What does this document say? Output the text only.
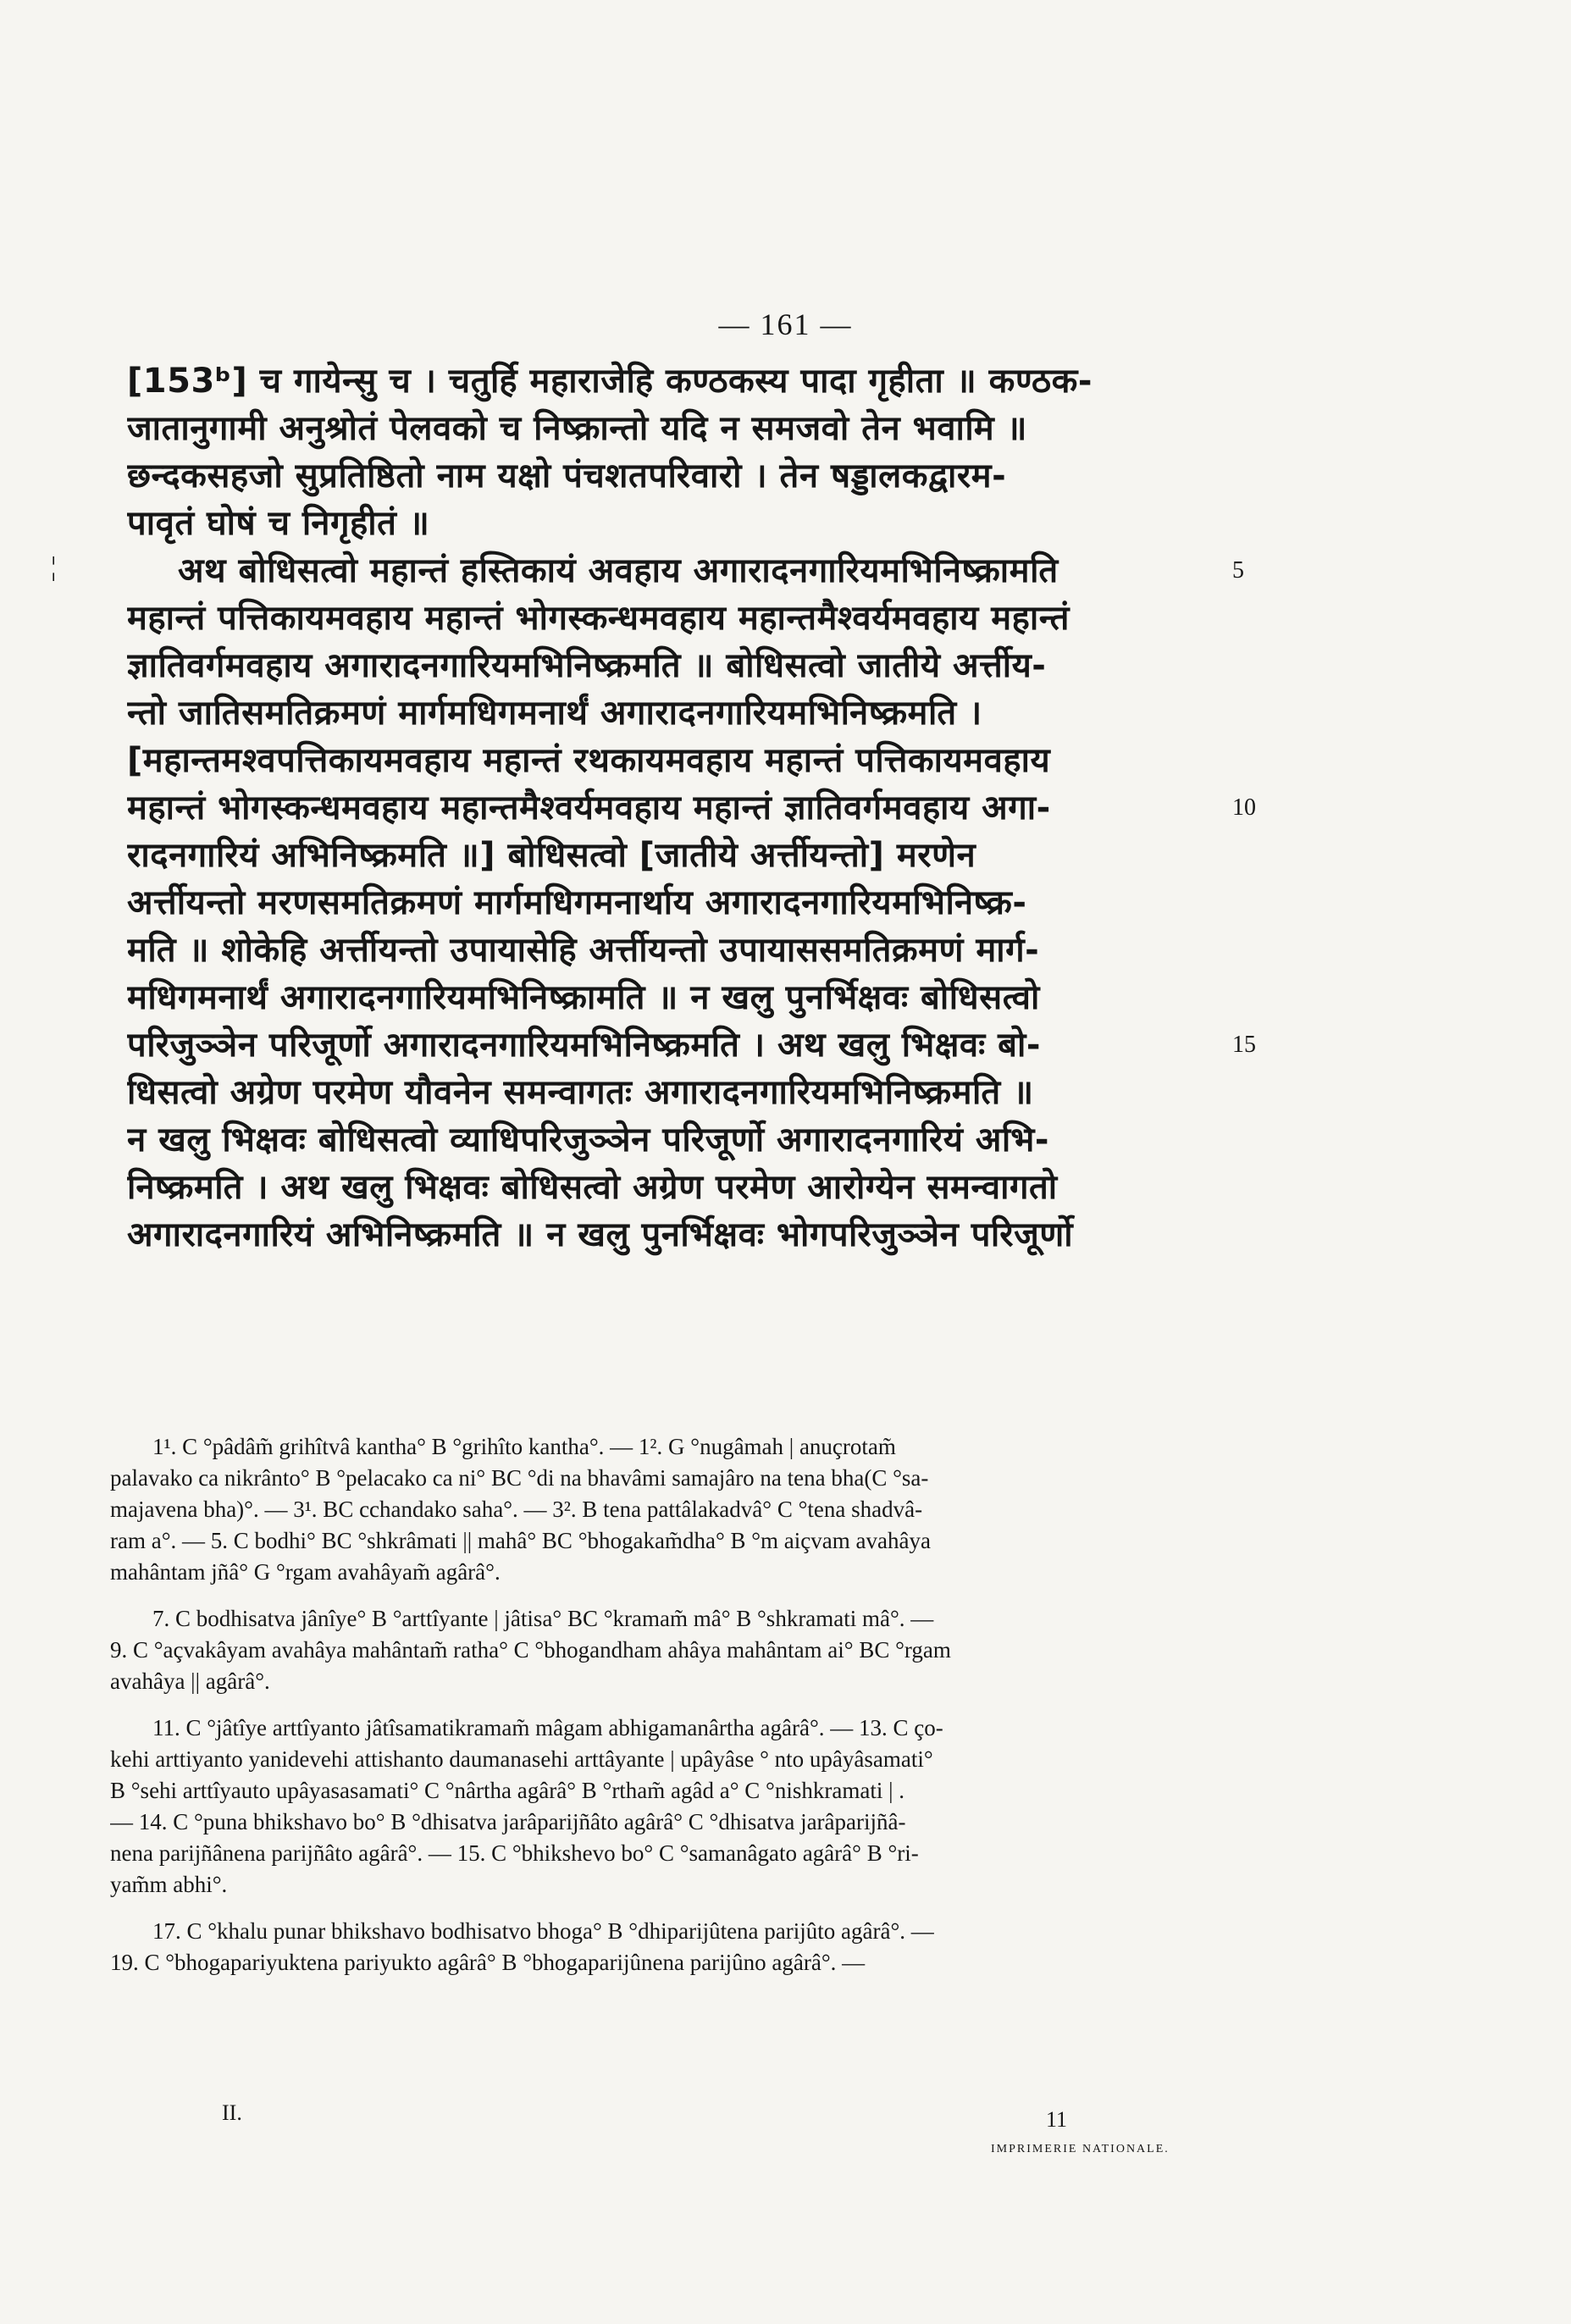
— 161 —
¦
[153ᵇ] च गायेन्सु च । चतुर्हि महाराजेहि कण्ठकस्य पादा गृहीता ॥ कण्ठक-
जातानुगामी अनुश्रोतं पेलवको च निष्क्रान्तो यदि न समजवो तेन भवामि ॥
छन्दकसहजो सुप्रतिष्ठितो नाम यक्षो पंचशतपरिवारो । तेन षड्डालकद्वारम-
पावृतं घोषं च निगृहीतं ॥
अथ बोधिसत्वो महान्तं हस्तिकायं अवहाय अगारादनगारियमभिनिष्क्रामति
महान्तं पत्तिकायमवहाय महान्तं भोगस्कन्धमवहाय महान्तमैश्वर्यमवहाय महान्तं
ज्ञातिवर्गमवहाय अगारादनगारियमभिनिष्क्रमति ॥ बोधिसत्वो जातीये अर्त्तीय-
न्तो जातिसमतिक्रमणं मार्गमधिगमनार्थं अगारादनगारियमभिनिष्क्रमति ।
[महान्तमश्वपत्तिकायमवहाय महान्तं रथकायमवहाय महान्तं पत्तिकायमवहाय
महान्तं भोगस्कन्धमवहाय महान्तमैश्वर्यमवहाय महान्तं ज्ञातिवर्गमवहाय अगा-
रादनगारियं अभिनिष्क्रमति ॥] बोधिसत्वो [जातीये अर्त्तीयन्तो] मरणेन
अर्त्तीयन्तो मरणसमतिक्रमणं मार्गमधिगमनार्थाय अगारादनगारियमभिनिष्क्र-
मति ॥ शोकेहि अर्त्तीयन्तो उपायासेहि अर्त्तीयन्तो उपायाससमतिक्रमणं मार्ग-
मधिगमनार्थं अगारादनगारियमभिनिष्क्रामति ॥ न खलु पुनर्भिक्षवः बोधिसत्वो
परिजुञ्ञेन परिजूर्णो अगारादनगारियमभिनिष्क्रमति । अथ खलु भिक्षवः बो-
धिसत्वो अग्रेण परमेण यौवनेन समन्वागतः अगारादनगारियमभिनिष्क्रमति ॥
न खलु भिक्षवः बोधिसत्वो व्याधिपरिजुञ्ञेन परिजूर्णो अगारादनगारियं अभि-
निष्क्रमति । अथ खलु भिक्षवः बोधिसत्वो अग्रेण परमेण आरोग्येन समन्वागतो
अगारादनगारियं अभिनिष्क्रमति ॥ न खलु पुनर्भिक्षवः भोगपरिजुञ्ञेन परिजूर्णो
5
10
15
1¹. C °pâdâm̃ grihîtvâ kantha° B °grihîto kantha°. — 1². G °nugâmah | anuçrotam̃
palavako ca nikrânto° B °pelacako ca ni° BC °di na bhavâmi samajâro na tena bha(C °sa-
majavena bha)°. — 3¹. BC cchandako saha°. — 3². B tena pattâlakadvâ° C °tena shadvâ-
ram a°. — 5. C bodhi° BC °shkrâmati || mahâ° BC °bhogakam̃dha° B °m aiçvam avahâya
mahântam jñâ° G °rgam avahâyam̃ agârâ°.
7. C bodhisatva jânîye° B °arttîyante | jâtisa° BC °kramam̃ mâ° B °shkramati mâ°. —
9. C °açvakâyam avahâya mahântam̃ ratha° C °bhogandham ahâya mahântam ai° BC °rgam
avahâya || agârâ°.
11. C °jâtîye arttîyanto jâtîsamatikramam̃ mâgam abhigamanârtha agârâ°. — 13. C ço-
kehi arttiyanto yanidevehi attishanto daumanasehi arttâyante | upâyâse ° nto upâyâsamati°
B °sehi arttîyauto upâyasasamati° C °nârtha agârâ° B °rtham̃ agâd a° C °nishkramati | .
— 14. C °puna bhikshavo bo° B °dhisatva jarâparijñâto agârâ° C °dhisatva jarâparijñâ-
nena parijñânena parijñâto agârâ°. — 15. C °bhikshevo bo° C °samanâgato agârâ° B °ri-
yam̃m abhi°.
17. C °khalu punar bhikshavo bodhisatvo bhoga° B °dhiparijûtena parijûto agârâ°. —
19. C °bhogapariyuktena pariyukto agârâ° B °bhogaparijûnena parijûno agârâ°. —
II.	11
IMPRIMERIE NATIONALE.
